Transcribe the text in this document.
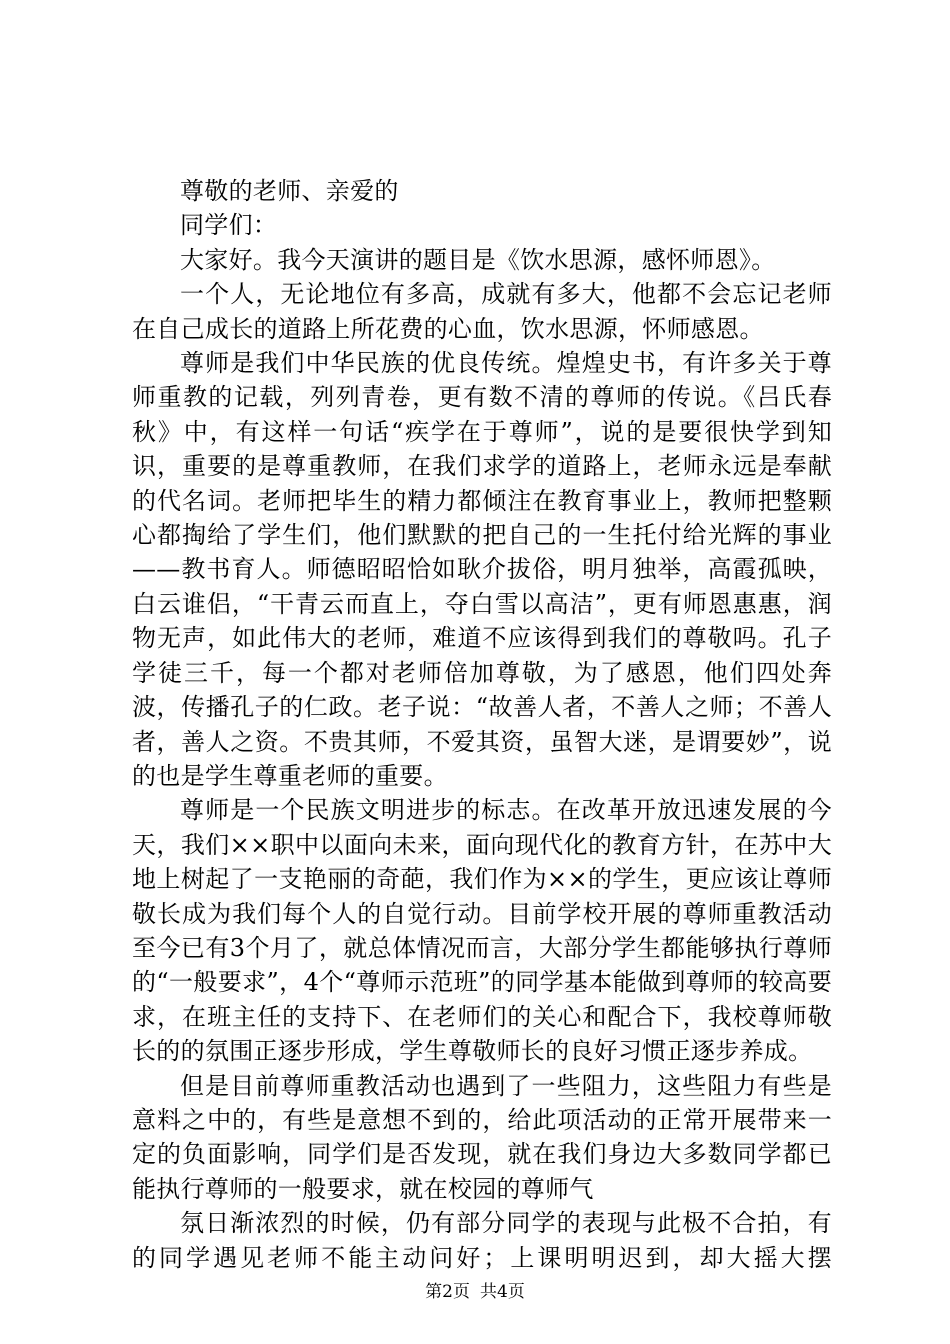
尊敬的老师、亲爱的

同学们：

大家好。我今天演讲的题目是《饮水思源，感怀师恩》。

一个人，无论地位有多高，成就有多大，他都不会忘记老师在自己成长的道路上所花费的心血，饮水思源，怀师感恩。

尊师是我们中华民族的优良传统。煌煌史书，有许多关于尊师重教的记载，列列青卷，更有数不清的尊师的传说。《吕氏春秋》中，有这样一句话“疾学在于尊师”，说的是要很快学到知识，重要的是尊重教师，在我们求学的道路上，老师永远是奉献的代名词。老师把毕生的精力都倾注在教育事业上，教师把整颗心都掏给了学生们，他们默默的把自己的一生托付给光辉的事业——教书育人。师德昭昭恰如耿介拔俗，明月独举，高霞孤映，白云谁侣，“干青云而直上，夺白雪以高洁”，更有师恩惠惠，润物无声，如此伟大的老师，难道不应该得到我们的尊敬吗。孔子学徒三千，每一个都对老师倍加尊敬，为了感恩，他们四处奔波，传播孔子的仁政。老子说：“故善人者，不善人之师；不善人者，善人之资。不贵其师，不爱其资，虽智大迷，是谓要妙”，说的也是学生尊重老师的重要。

尊师是一个民族文明进步的标志。在改革开放迅速发展的今天，我们××职中以面向未来，面向现代化的教育方针，在苏中大地上树起了一支艳丽的奇葩，我们作为××的学生，更应该让尊师敬长成为我们每个人的自觉行动。目前学校开展的尊师重教活动至今已有3个月了，就总体情况而言，大部分学生都能够执行尊师的“一般要求”，4个“尊师示范班”的同学基本能做到尊师的较高要求，在班主任的支持下、在老师们的关心和配合下，我校尊师敬长的的氛围正逐步形成，学生尊敬师长的良好习惯正逐步养成。

但是目前尊师重教活动也遇到了一些阻力，这些阻力有些是意料之中的，有些是意想不到的，给此项活动的正常开展带来一定的负面影响，同学们是否发现，就在我们身边大多数同学都已能执行尊师的一般要求，就在校园的尊师气

氛日渐浓烈的时候，仍有部分同学的表现与此极不合拍，有的同学遇见老师不能主动问好；上课明明迟到，却大摇大摆

第2页 共4页
